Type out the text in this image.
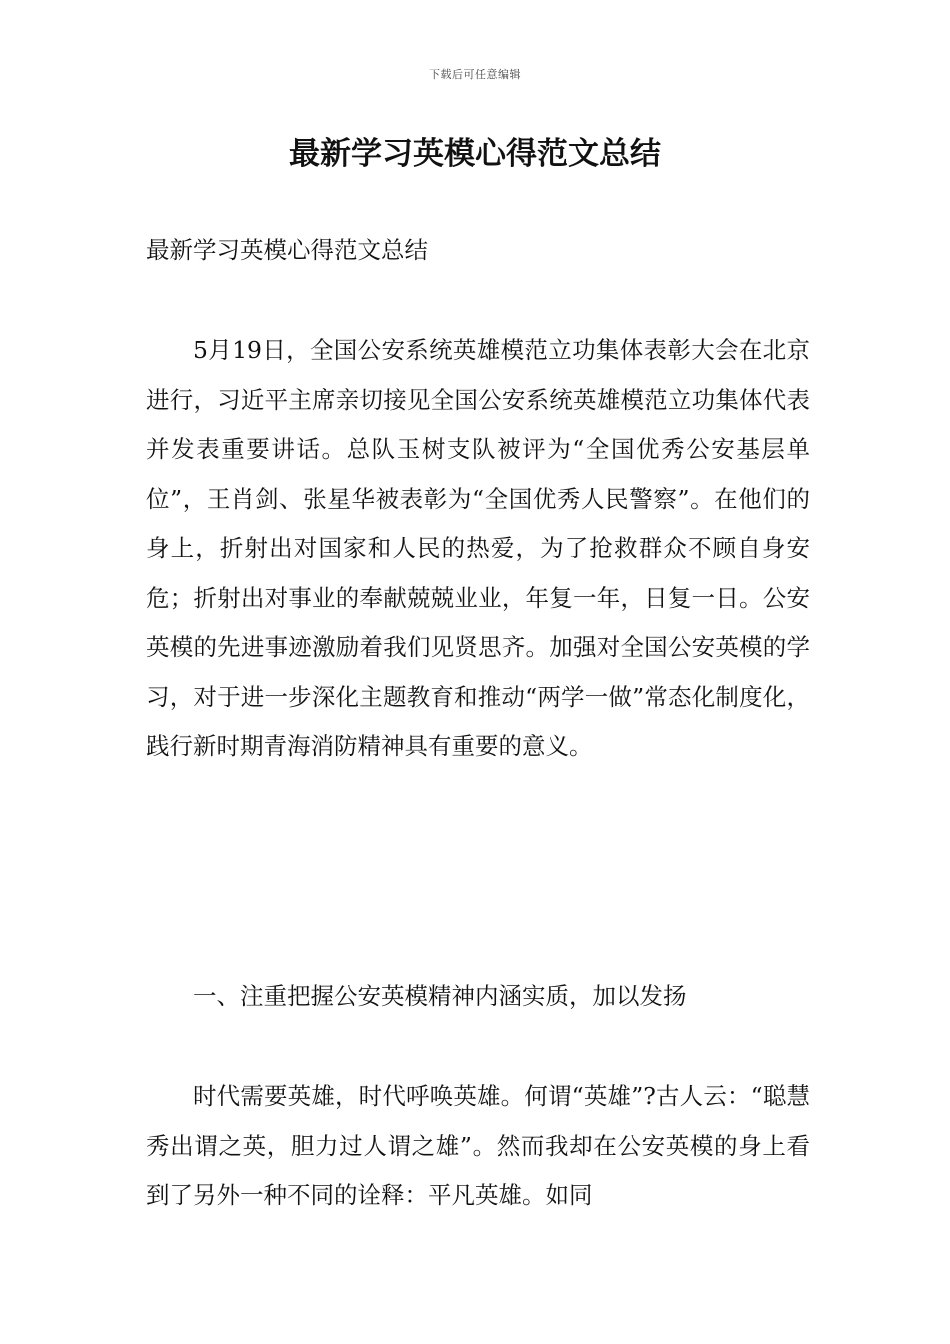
下载后可任意编辑
最新学习英模心得范文总结

最新学习英模心得范文总结

5月19日，全国公安系统英雄模范立功集体表彰大会在北京进行，习近平主席亲切接见全国公安系统英雄模范立功集体代表并发表重要讲话。总队玉树支队被评为“全国优秀公安基层单位”，王肖剑、张星华被表彰为“全国优秀人民警察”。在他们的身上，折射出对国家和人民的热爱，为了抢救群众不顾自身安危；折射出对事业的奉献兢兢业业，年复一年，日复一日。公安英模的先进事迹激励着我们见贤思齐。加强对全国公安英模的学习，对于进一步深化主题教育和推动“两学一做”常态化制度化，践行新时期青海消防精神具有重要的意义。

一、注重把握公安英模精神内涵实质，加以发扬

时代需要英雄，时代呼唤英雄。何谓“英雄”?古人云：“聪慧秀出谓之英，胆力过人谓之雄”。然而我却在公安英模的身上看到了另外一种不同的诠释：平凡英雄。如同
